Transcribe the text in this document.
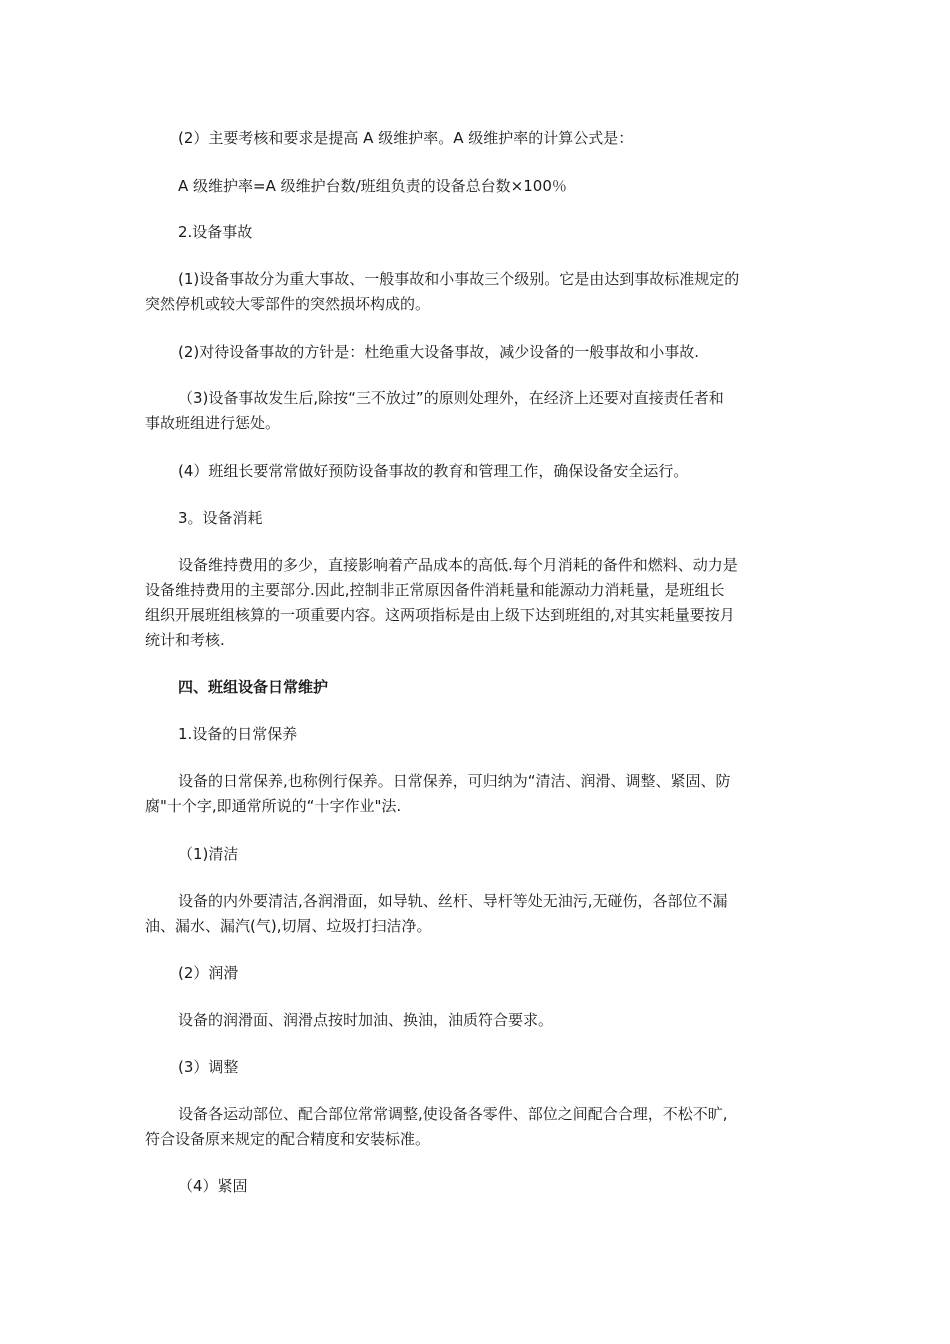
(2）主要考核和要求是提高 A 级维护率。A 级维护率的计算公式是：

A 级维护率=A 级维护台数/班组负责的设备总台数×100％

2.设备事故

(1)设备事故分为重大事故、一般事故和小事故三个级别。它是由达到事故标准规定的

突然停机或较大零部件的突然损坏构成的。

(2)对待设备事故的方针是：杜绝重大设备事故，减少设备的一般事故和小事故.

（3)设备事故发生后,除按“三不放过”的原则处理外，在经济上还要对直接责任者和

事故班组进行惩处。

(4）班组长要常常做好预防设备事故的教育和管理工作，确保设备安全运行。

3。设备消耗

设备维持费用的多少，直接影响着产品成本的高低.每个月消耗的备件和燃料、动力是

设备维持费用的主要部分.因此,控制非正常原因备件消耗量和能源动力消耗量，是班组长

组织开展班组核算的一项重要内容。这两项指标是由上级下达到班组的,对其实耗量要按月

统计和考核.

四、班组设备日常维护

1.设备的日常保养

设备的日常保养,也称例行保养。日常保养，可归纳为“清洁、润滑、调整、紧固、防

腐"十个字,即通常所说的“十字作业"法.

（1)清洁

设备的内外要清洁,各润滑面，如导轨、丝杆、导杆等处无油污,无碰伤，各部位不漏

油、漏水、漏汽(气),切屑、垃圾打扫洁净。

(2）润滑

设备的润滑面、润滑点按时加油、换油，油质符合要求。

(3）调整

设备各运动部位、配合部位常常调整,使设备各零件、部位之间配合合理，不松不旷,

符合设备原来规定的配合精度和安装标准。

（4）紧固
